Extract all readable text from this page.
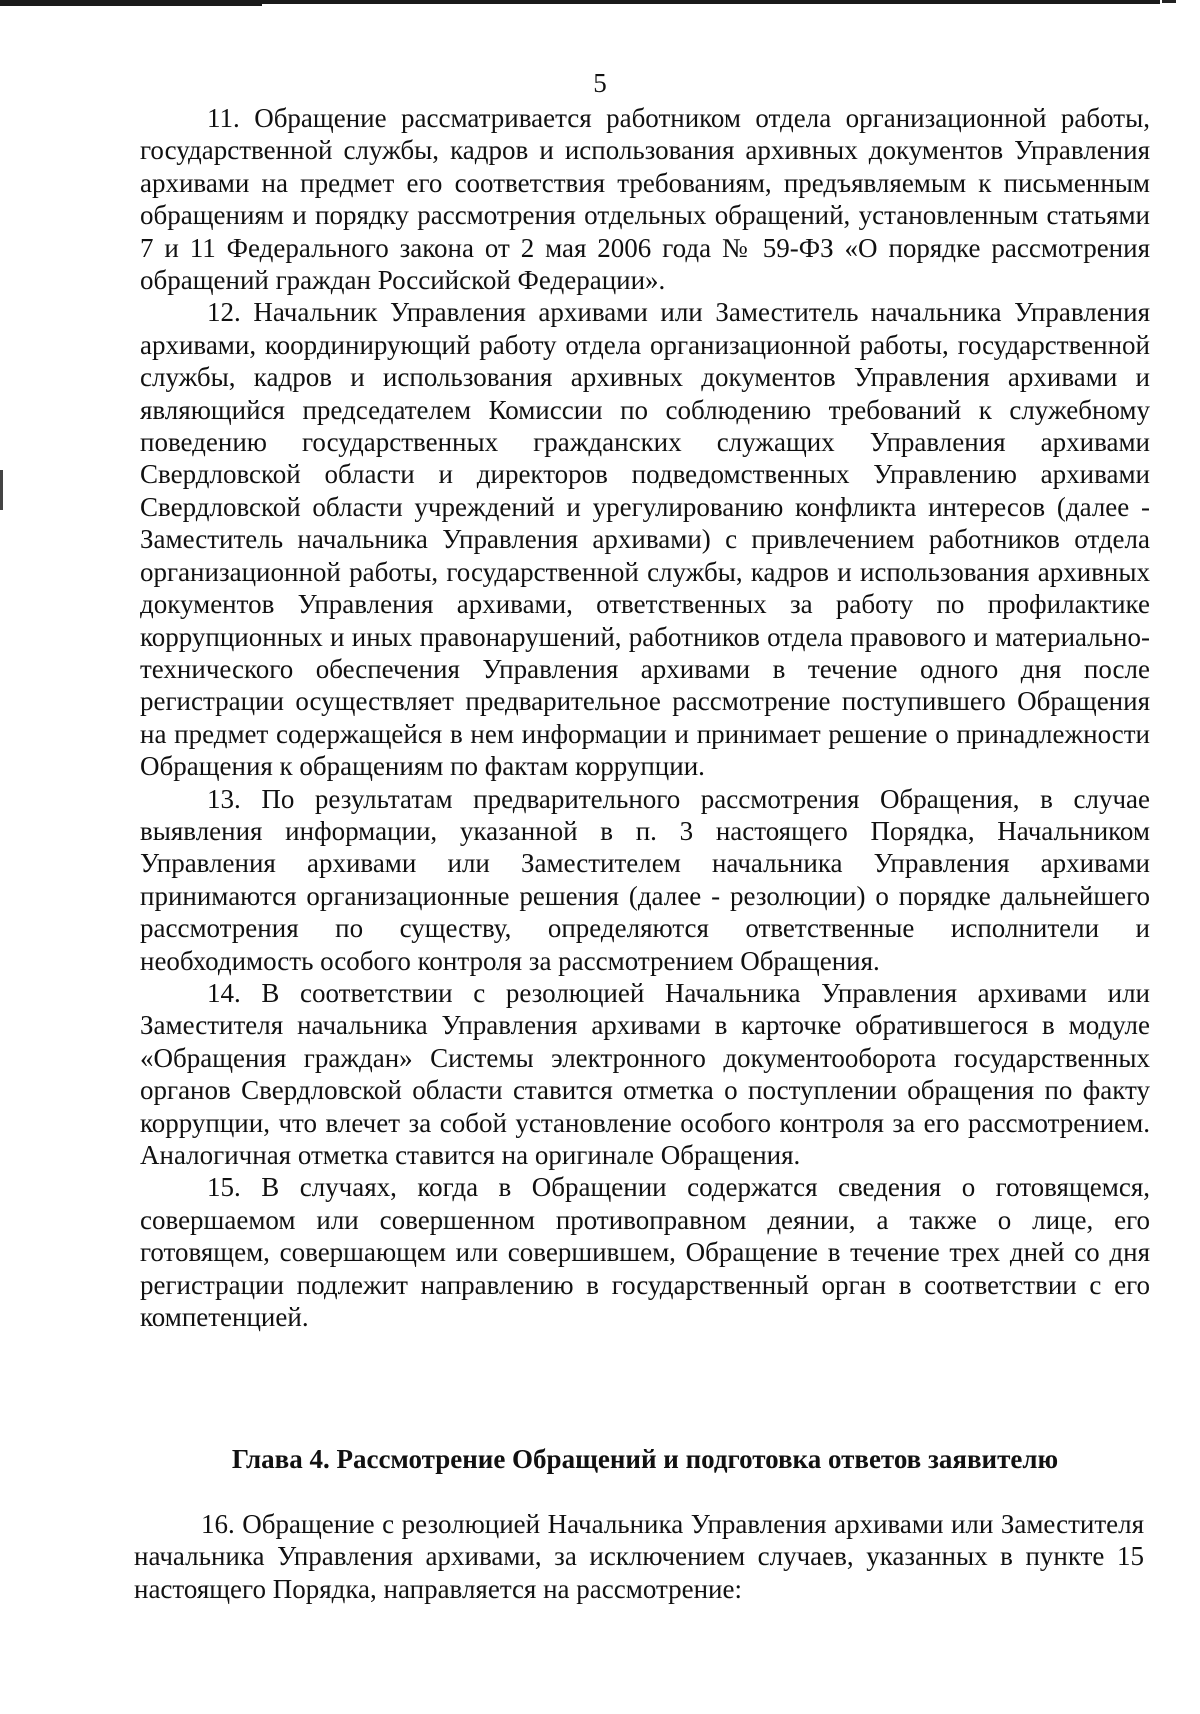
5

11. Обращение рассматривается работником отдела организационной работы, государственной службы, кадров и использования архивных документов Управления архивами на предмет его соответствия требованиям, предъявляемым к письменным обращениям и порядку рассмотрения отдельных обращений, установленным статьями 7 и 11 Федерального закона от 2 мая 2006 года № 59-ФЗ «О порядке рассмотрения обращений граждан Российской Федерации».

12. Начальник Управления архивами или Заместитель начальника Управления архивами, координирующий работу отдела организационной работы, государственной службы, кадров и использования архивных документов Управления архивами и являющийся председателем Комиссии по соблюдению требований к служебному поведению государственных гражданских служащих Управления архивами Свердловской области и директоров подведомственных Управлению архивами Свердловской области учреждений и урегулированию конфликта интересов (далее - Заместитель начальника Управления архивами) с привлечением работников отдела организационной работы, государственной службы, кадров и использования архивных документов Управления архивами, ответственных за работу по профилактике коррупционных и иных правонарушений, работников отдела правового и материально-технического обеспечения Управления архивами в течение одного дня после регистрации осуществляет предварительное рассмотрение поступившего Обращения на предмет содержащейся в нем информации и принимает решение о принадлежности Обращения к обращениям по фактам коррупции.

13. По результатам предварительного рассмотрения Обращения, в случае выявления информации, указанной в п. 3 настоящего Порядка, Начальником Управления архивами или Заместителем начальника Управления архивами принимаются организационные решения (далее - резолюции) о порядке дальнейшего рассмотрения по существу, определяются ответственные исполнители и необходимость особого контроля за рассмотрением Обращения.

14. В соответствии с резолюцией Начальника Управления архивами или Заместителя начальника Управления архивами в карточке обратившегося в модуле «Обращения граждан» Системы электронного документооборота государственных органов Свердловской области ставится отметка о поступлении обращения по факту коррупции, что влечет за собой установление особого контроля за его рассмотрением. Аналогичная отметка ставится на оригинале Обращения.

15. В случаях, когда в Обращении содержатся сведения о готовящемся, совершаемом или совершенном противоправном деянии, а также о лице, его готовящем, совершающем или совершившем, Обращение в течение трех дней со дня регистрации подлежит направлению в государственный орган в соответствии с его компетенцией.

Глава 4. Рассмотрение Обращений и подготовка ответов заявителю

16. Обращение с резолюцией Начальника Управления архивами или Заместителя начальника Управления архивами, за исключением случаев, указанных в пункте 15 настоящего Порядка, направляется на рассмотрение:
